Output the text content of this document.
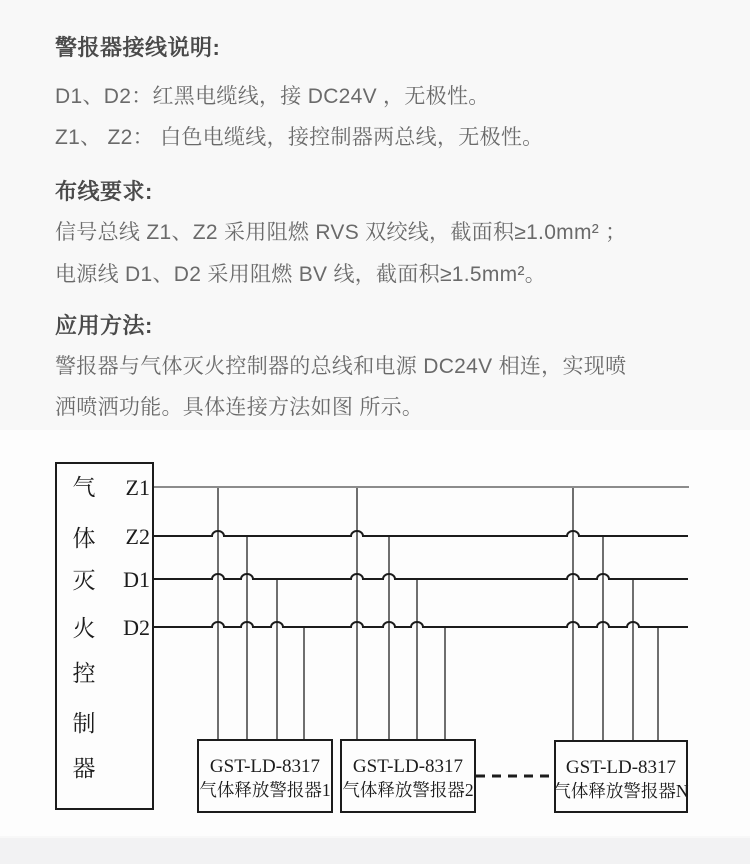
警报器接线说明:
D1、D2：红黑电缆线，接 DC24V ，无极性。
Z1、 Z2： 白色电缆线，接控制器两总线，无极性。
布线要求:
信号总线 Z1、Z2 采用阻燃 RVS 双绞线，截面积≥1.0mm² ；
电源线 D1、D2 采用阻燃 BV 线，截面积≥1.5mm²。
应用方法:
警报器与气体灭火控制器的总线和电源 DC24V 相连，实现喷
洒喷洒功能。具体连接方法如图 所示。
气
体
灭
火
控
制
器
Z1
Z2
D1
D2
GST-LD-8317
气体释放警报器1
GST-LD-8317
气体释放警报器2
GST-LD-8317
气体释放警报器N
